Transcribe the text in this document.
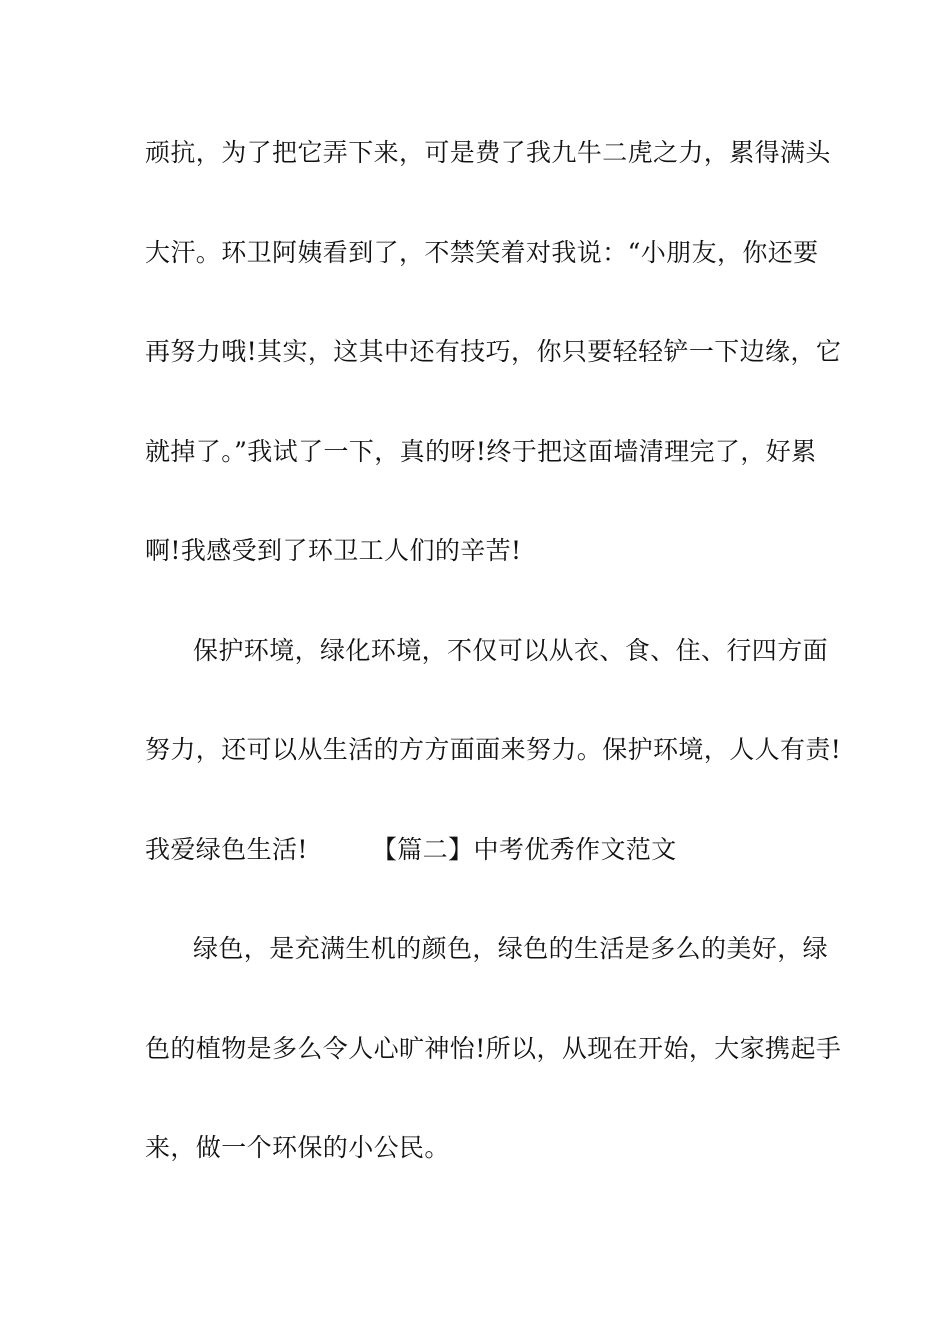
顽抗，为了把它弄下来，可是费了我九牛二虎之力，累得满头
大汗。环卫阿姨看到了，不禁笑着对我说：“小朋友，你还要
再努力哦!其实，这其中还有技巧，你只要轻轻铲一下边缘，它
就掉了。”我试了一下，真的呀!终于把这面墙清理完了，好累
啊!我感受到了环卫工人们的辛苦!
保护环境，绿化环境，不仅可以从衣、食、住、行四方面
努力，还可以从生活的方方面面来努力。保护环境，人人有责!
我爱绿色生活!	【篇二】中考优秀作文范文
绿色，是充满生机的颜色，绿色的生活是多么的美好，绿
色的植物是多么令人心旷神怡!所以，从现在开始，大家携起手
来，做一个环保的小公民。
